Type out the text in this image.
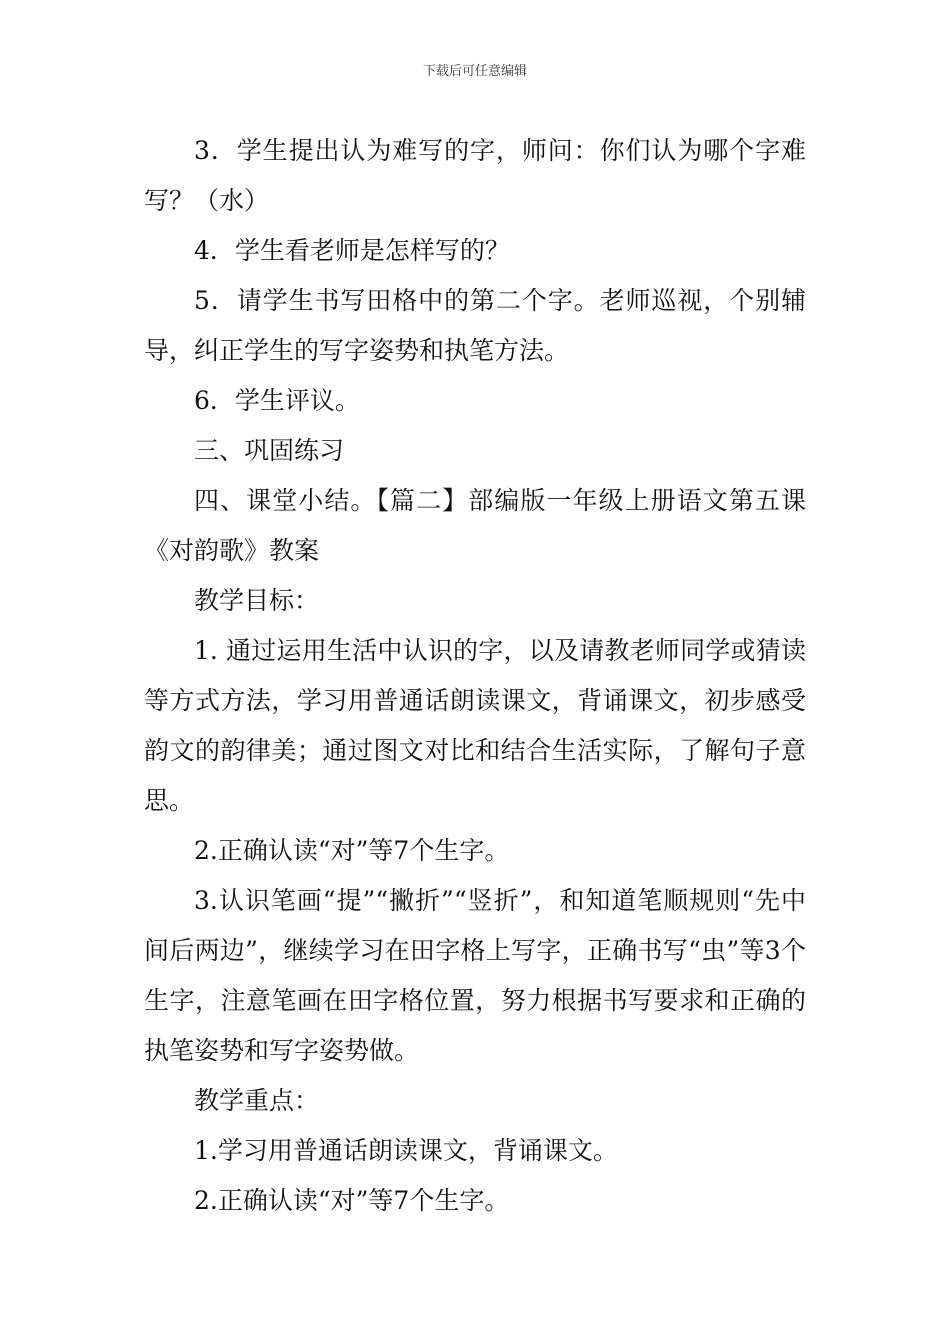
下载后可任意编辑

3．学生提出认为难写的字，师问：你们认为哪个字难写？（水）

4．学生看老师是怎样写的？

5．请学生书写田格中的第二个字。老师巡视，个别辅导，纠正学生的写字姿势和执笔方法。

6．学生评议。

三、巩固练习

四、课堂小结。【篇二】部编版一年级上册语文第五课《对韵歌》教案

教学目标：

1. 通过运用生活中认识的字，以及请教老师同学或猜读等方式方法，学习用普通话朗读课文，背诵课文，初步感受韵文的韵律美；通过图文对比和结合生活实际，了解句子意思。

2.正确认读“对”等7个生字。

3.认识笔画“提”“撇折”“竖折”，和知道笔顺规则“先中间后两边”，继续学习在田字格上写字，正确书写“虫”等3个生字，注意笔画在田字格位置，努力根据书写要求和正确的执笔姿势和写字姿势做。

教学重点：

1.学习用普通话朗读课文，背诵课文。

2.正确认读“对”等7个生字。
